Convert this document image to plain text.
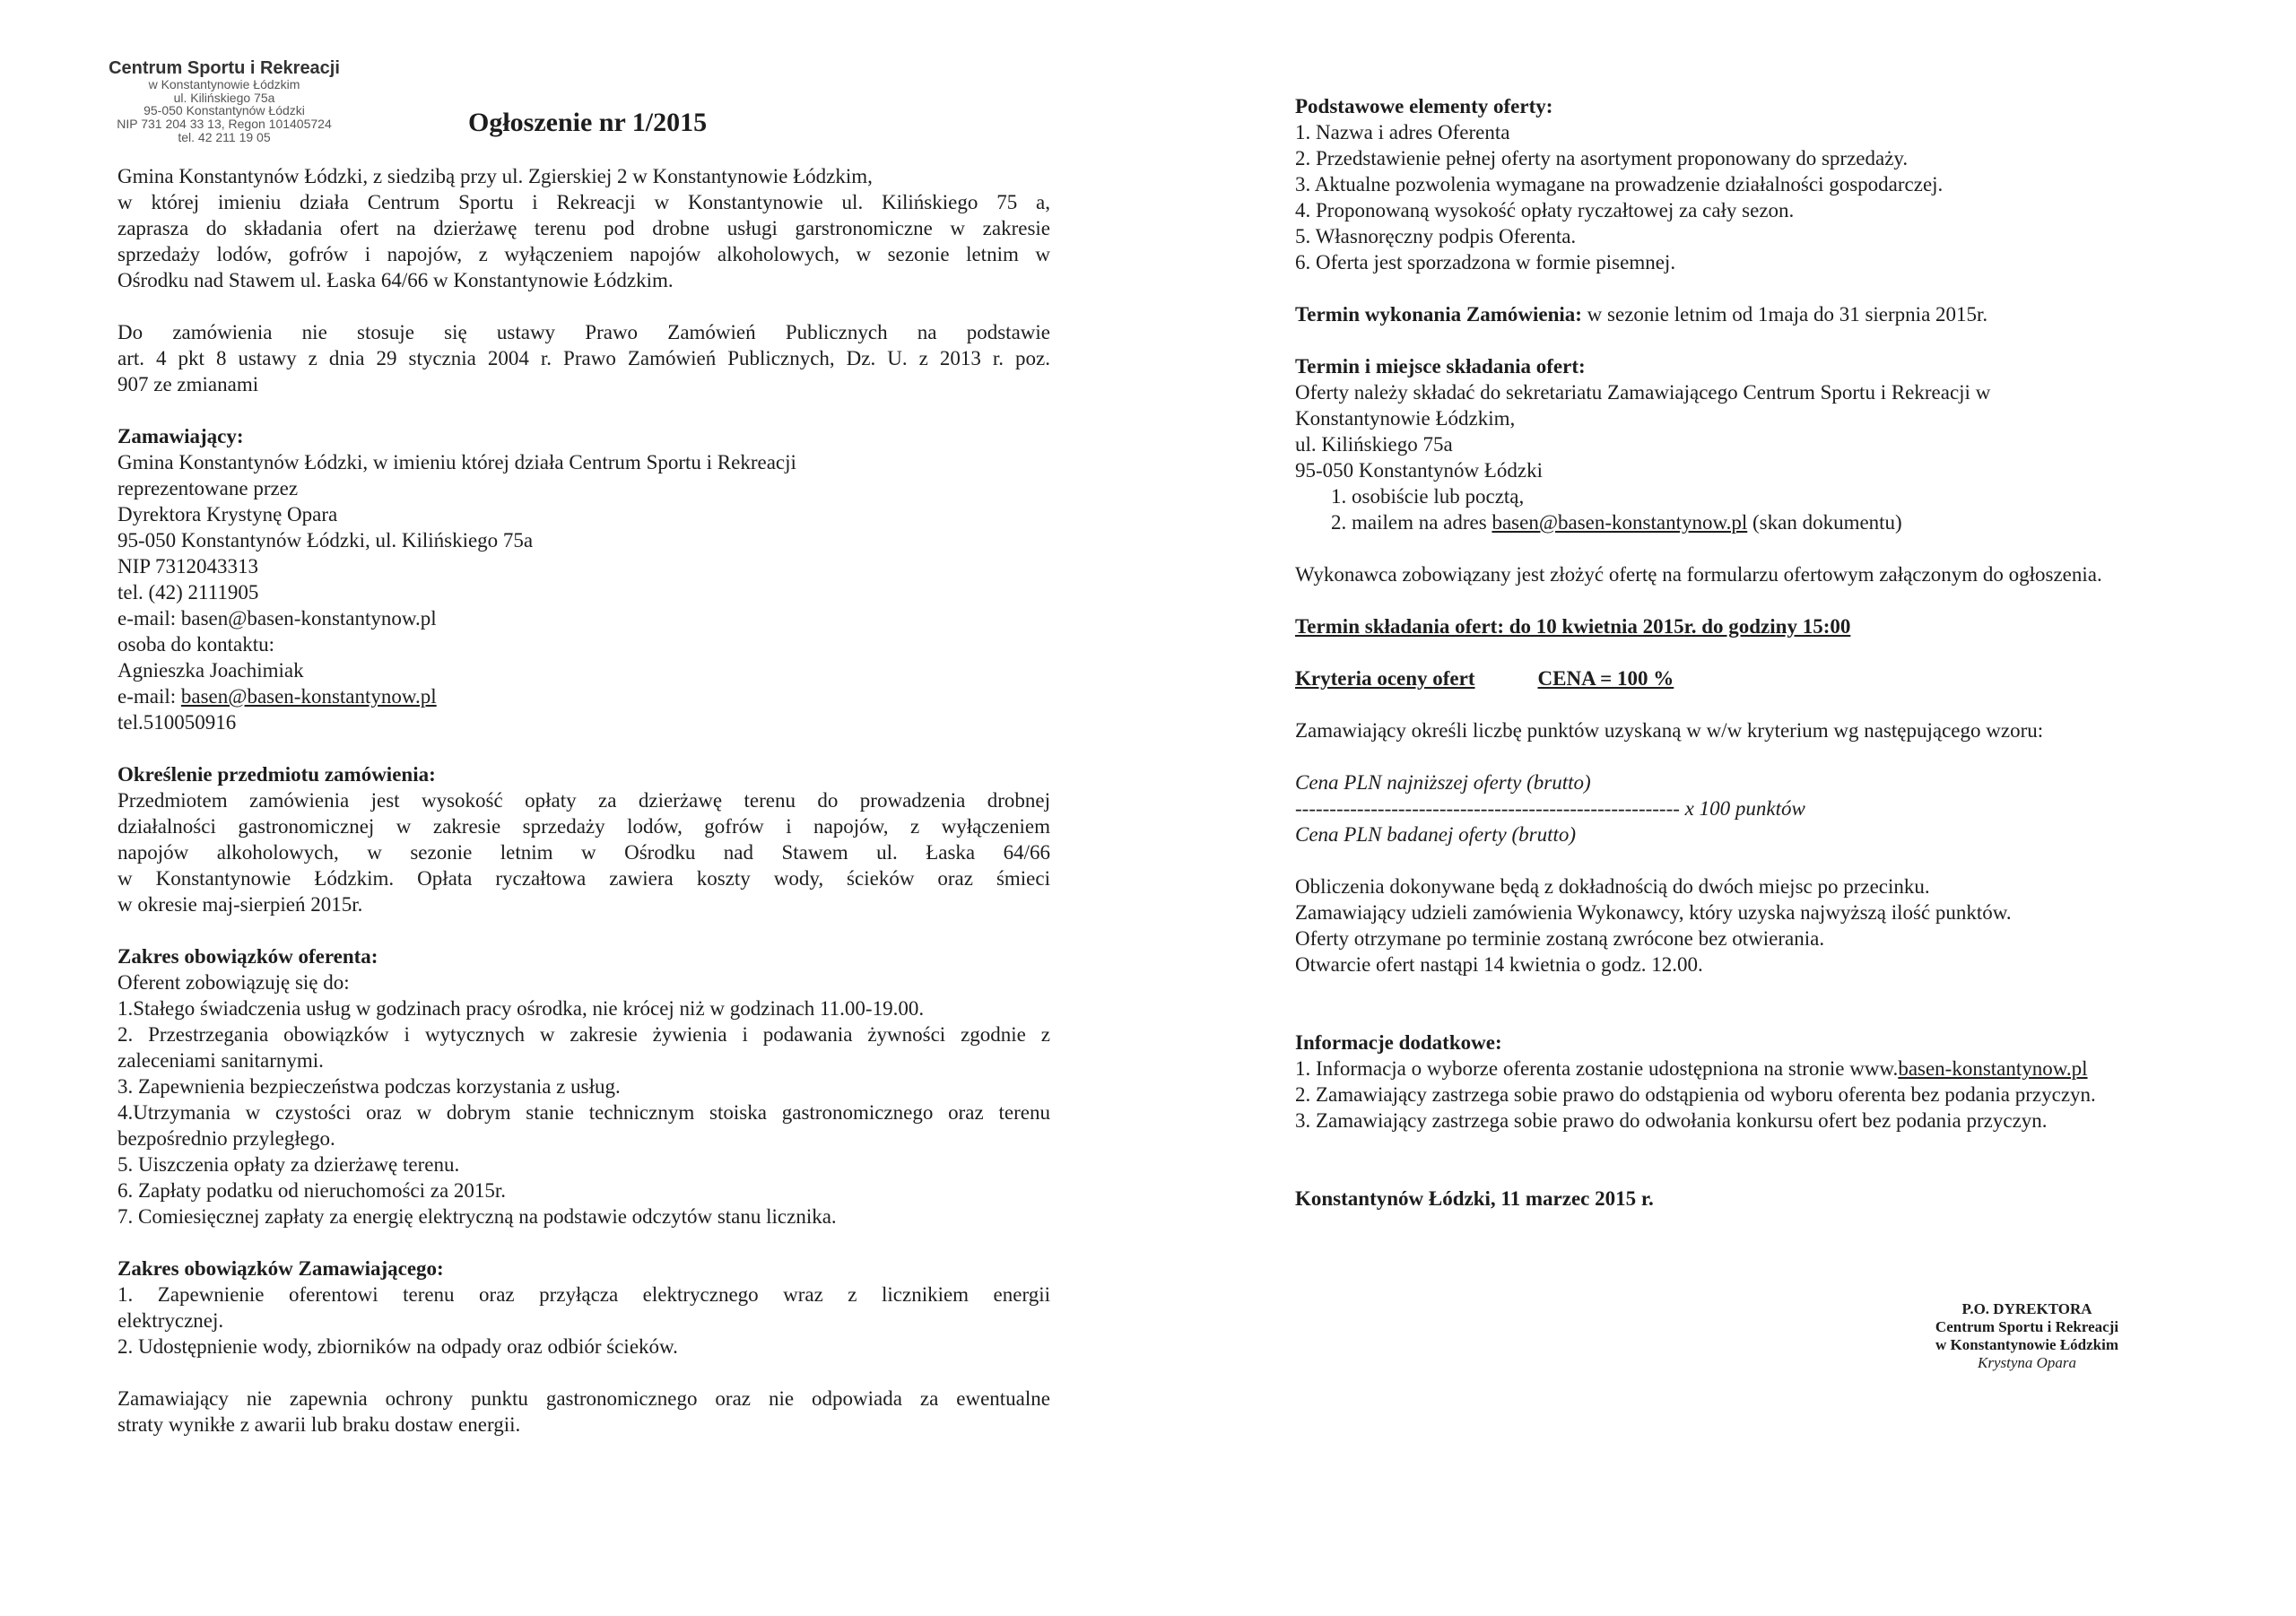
Centrum Sportu i Rekreacji
w Konstantynowie Łódzkim
ul. Kilińskiego 75a
95-050 Konstantynów Łódzki
NIP 731 204 33 13, Regon 101405724
tel. 42 211 19 05	Ogłoszenie nr 1/2015
Gmina Konstantynów Łódzki, z siedzibą przy ul. Zgierskiej 2 w Konstantynowie Łódzkim,
w której imieniu działa Centrum Sportu i Rekreacji w Konstantynowie ul. Kilińskiego 75 a,
zaprasza do składania ofert na dzierżawę terenu pod drobne usługi garstronomiczne w zakresie
sprzedaży lodów, gofrów i napojów, z wyłączeniem napojów alkoholowych, w sezonie letnim w
Ośrodku nad Stawem ul. Łaska 64/66 w Konstantynowie Łódzkim.
Do zamówienia nie stosuje się ustawy Prawo Zamówień Publicznych na podstawie
art. 4 pkt 8 ustawy z dnia 29 stycznia 2004 r. Prawo Zamówień Publicznych, Dz. U. z 2013 r. poz.
907 ze zmianami
Zamawiający:
Gmina Konstantynów Łódzki, w imieniu której działa Centrum Sportu i Rekreacji
reprezentowane przez
Dyrektora Krystynę Opara
95-050 Konstantynów Łódzki, ul. Kilińskiego 75a
NIP 7312043313
tel. (42) 2111905
e-mail: basen@basen-konstantynow.pl
osoba do kontaktu:
Agnieszka Joachimiak
e-mail: basen@basen-konstantynow.pl
tel.510050916
Określenie przedmiotu zamówienia:
Przedmiotem zamówienia jest wysokość opłaty za dzierżawę terenu do prowadzenia drobnej
działalności gastronomicznej w zakresie sprzedaży lodów, gofrów i napojów, z wyłączeniem
napojów alkoholowych, w sezonie letnim w Ośrodku nad Stawem ul. Łaska 64/66
w Konstantynowie Łódzkim. Opłata ryczałtowa zawiera koszty wody, ścieków oraz śmieci
w okresie maj-sierpień 2015r.
Zakres obowiązków oferenta:
Oferent zobowiązuję się do:
1.Stałego świadczenia usług w godzinach pracy ośrodka, nie krócej niż w godzinach 11.00-19.00.
2. Przestrzegania obowiązków i wytycznych w zakresie żywienia i podawania żywności zgodnie z
zaleceniami sanitarnymi.
3. Zapewnienia bezpieczeństwa podczas korzystania z usług.
4.Utrzymania w czystości oraz w dobrym stanie technicznym stoiska gastronomicznego oraz terenu
bezpośrednio przyległego.
5. Uiszczenia opłaty za dzierżawę terenu.
6. Zapłaty podatku od nieruchomości za 2015r.
7. Comiesięcznej zapłaty za energię elektryczną na podstawie odczytów stanu licznika.
Zakres obowiązków Zamawiającego:
1. Zapewnienie oferentowi terenu oraz przyłącza elektrycznego wraz z licznikiem energii
elektrycznej.
2. Udostępnienie wody, zbiorników na odpady oraz odbiór ścieków.
Zamawiający nie zapewnia ochrony punktu gastronomicznego oraz nie odpowiada za ewentualne
straty wynikłe z awarii lub braku dostaw energii.
Podstawowe elementy oferty:
1. Nazwa i adres Oferenta
2. Przedstawienie pełnej oferty na asortyment proponowany do sprzedaży.
3. Aktualne pozwolenia wymagane na prowadzenie działalności gospodarczej.
4. Proponowaną wysokość opłaty ryczałtowej za cały sezon.
5. Własnoręczny podpis Oferenta.
6. Oferta jest sporzadzona w formie pisemnej.
Termin wykonania Zamówienia: w sezonie letnim od 1maja do 31 sierpnia 2015r.
Termin i miejsce składania ofert:
Oferty należy składać do sekretariatu Zamawiającego Centrum Sportu i Rekreacji w
Konstantynowie Łódzkim,
ul. Kilińskiego 75a
95-050 Konstantynów Łódzki
1. osobiście lub pocztą,
2. mailem na adres basen@basen-konstantynow.pl (skan dokumentu)
Wykonawca zobowiązany jest złożyć ofertę na formularzu ofertowym załączonym do ogłoszenia.
Termin składania ofert: do 10 kwietnia 2015r. do godziny 15:00
Kryteria oceny ofert	CENA = 100 %
Zamawiający określi liczbę punktów uzyskaną w w/w kryterium wg następującego wzoru:
Cena PLN najniższej oferty (brutto)
-------------------------------------------------------- x 100 punktów
Cena PLN badanej oferty (brutto)
Obliczenia dokonywane będą z dokładnością do dwóch miejsc po przecinku.
Zamawiający udzieli zamówienia Wykonawcy, który uzyska najwyższą ilość punktów.
Oferty otrzymane po terminie zostaną zwrócone bez otwierania.
Otwarcie ofert nastąpi 14 kwietnia o godz. 12.00.
Informacje dodatkowe:
1. Informacja o wyborze oferenta zostanie udostępniona na stronie www.basen-konstantynow.pl
2. Zamawiający zastrzega sobie prawo do odstąpienia od wyboru oferenta bez podania przyczyn.
3. Zamawiający zastrzega sobie prawo do odwołania konkursu ofert bez podania przyczyn.
Konstantynów Łódzki, 11 marzec 2015 r.
P.O. DYREKTORA
Centrum Sportu i Rekreacji
w Konstantynowie Łódzkim
Krystyna Opara
